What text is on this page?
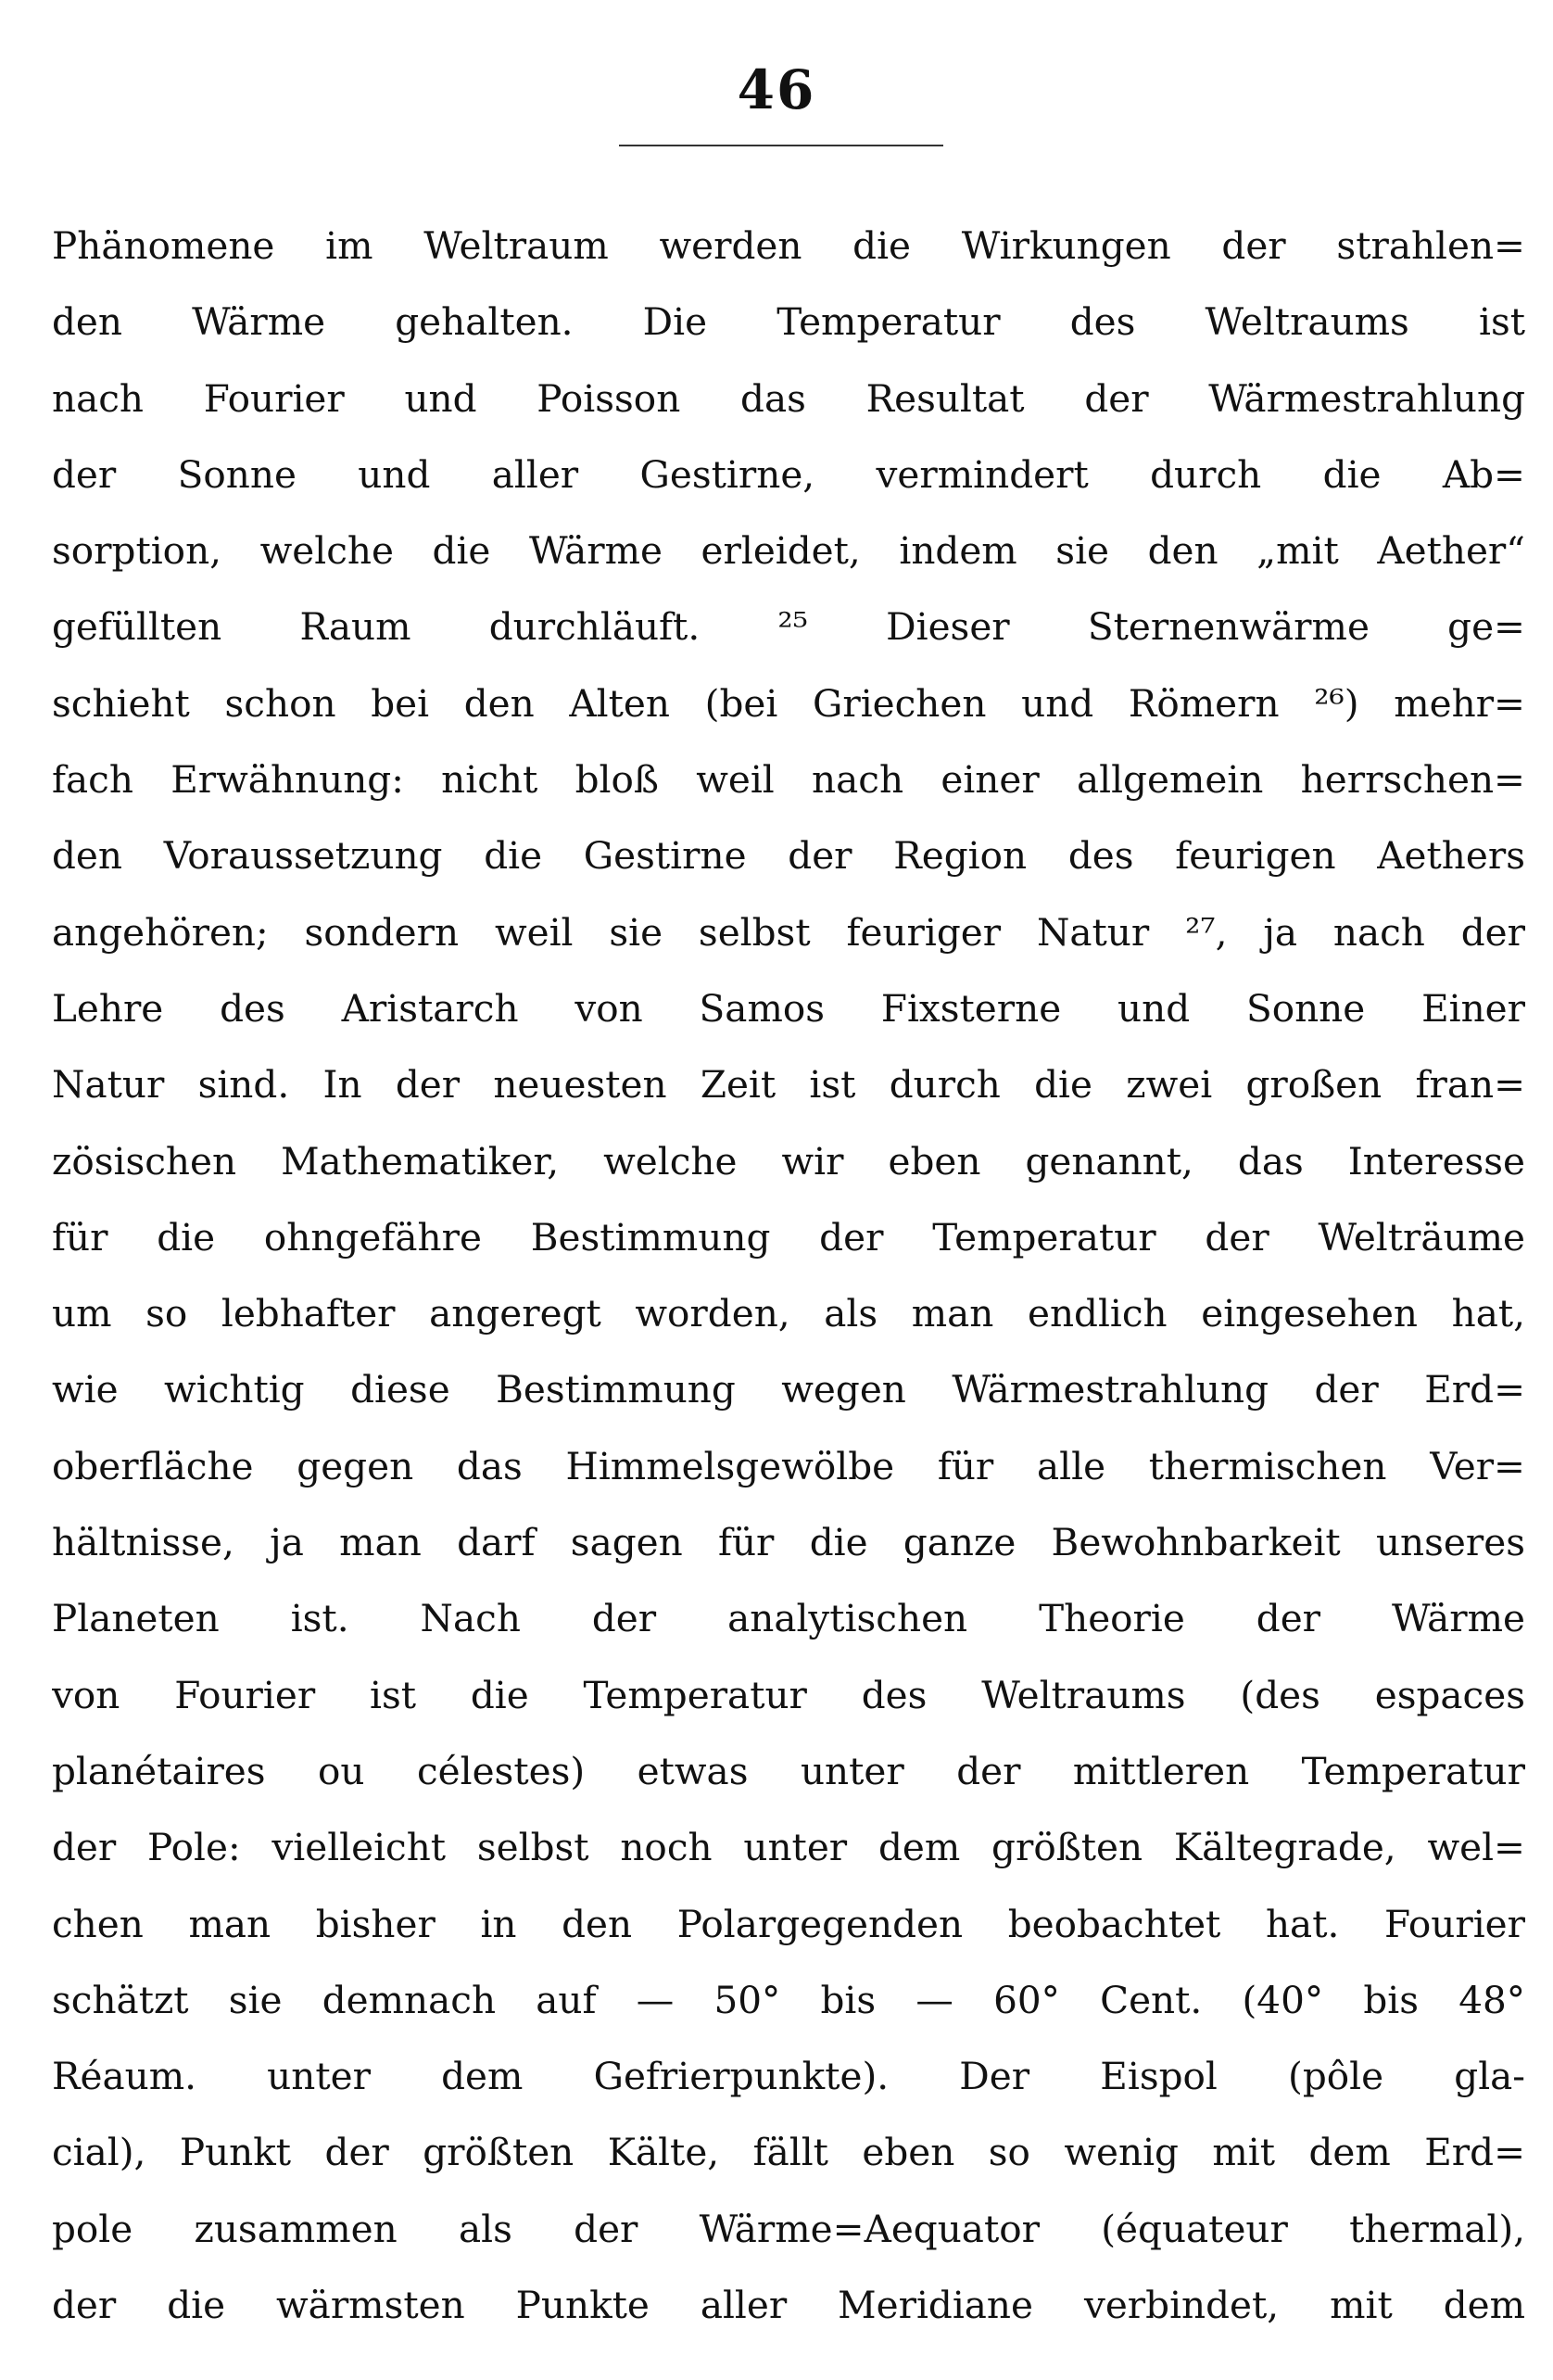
46
Phänomene im Weltraum werden die Wirkungen der strahlen=
den Wärme gehalten. Die Temperatur des Weltraums ist
nach Fourier und Poisson das Resultat der Wärmestrahlung
der Sonne und aller Gestirne, vermindert durch die Ab=
sorption, welche die Wärme erleidet, indem sie den „mit Aether“
gefüllten Raum durchläuft. ²⁵ Dieser Sternenwärme ge=
schieht schon bei den Alten (bei Griechen und Römern ²⁶) mehr=
fach Erwähnung: nicht bloß weil nach einer allgemein herrschen=
den Voraussetzung die Gestirne der Region des feurigen Aethers
angehören; sondern weil sie selbst feuriger Natur ²⁷, ja nach der
Lehre des Aristarch von Samos Fixsterne und Sonne Einer
Natur sind. In der neuesten Zeit ist durch die zwei großen fran=
zösischen Mathematiker, welche wir eben genannt, das Interesse
für die ohngefähre Bestimmung der Temperatur der Welträume
um so lebhafter angeregt worden, als man endlich eingesehen hat,
wie wichtig diese Bestimmung wegen Wärmestrahlung der Erd=
oberfläche gegen das Himmelsgewölbe für alle thermischen Ver=
hältnisse, ja man darf sagen für die ganze Bewohnbarkeit unseres
Planeten ist. Nach der analytischen Theorie der Wärme
von Fourier ist die Temperatur des Weltraums (des espaces
planétaires ou célestes) etwas unter der mittleren Temperatur
der Pole: vielleicht selbst noch unter dem größten Kältegrade, wel=
chen man bisher in den Polargegenden beobachtet hat. Fourier
schätzt sie demnach auf — 50° bis — 60° Cent. (40° bis 48°
Réaum. unter dem Gefrierpunkte). Der Eispol (pôle gla-
cial), Punkt der größten Kälte, fällt eben so wenig mit dem Erd=
pole zusammen als der Wärme=Aequator (équateur thermal),
der die wärmsten Punkte aller Meridiane verbindet, mit dem
